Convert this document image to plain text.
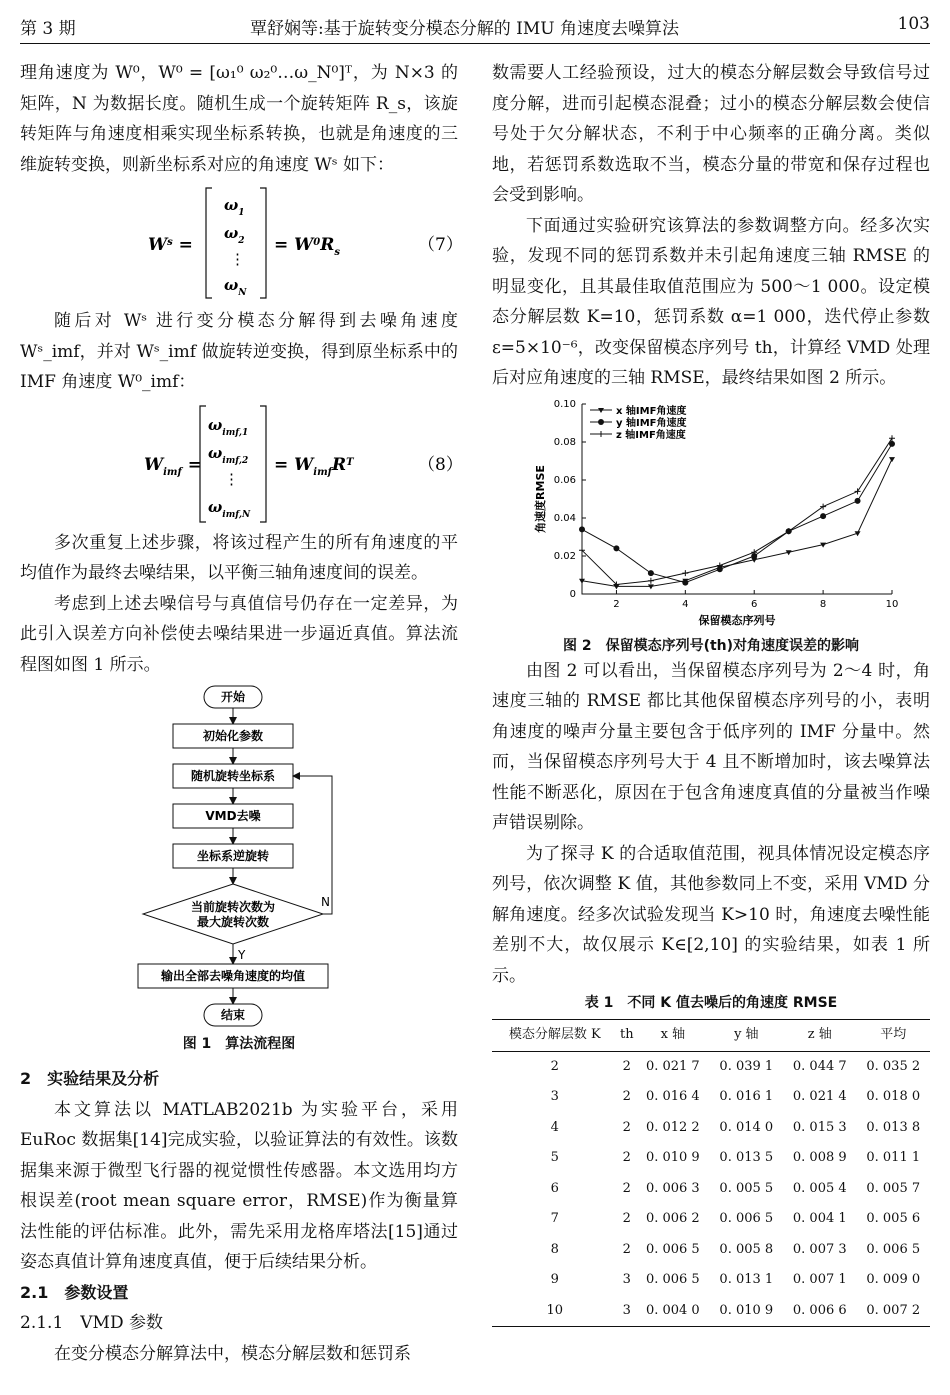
第 3 期	覃舒娴等:基于旋转变分模态分解的 IMU 角速度去噪算法	103

理角速度为 W⁰，W⁰ = [ω₁⁰ ω₂⁰…ω_N⁰]ᵀ，为 N×3 的矩阵，N 为数据长度。随机生成一个旋转矩阵 R_s，该旋转矩阵与角速度相乘实现坐标系转换，也就是角速度的三维旋转变换，则新坐标系对应的角速度 Wˢ 如下：

$W^s$ =
$\omega_1$
$\omega_2$
⋮
$\omega_N$
= $W^0R_s$	（7）

随后对 Wˢ 进行变分模态分解得到去噪角速度 Wˢ_imf，并对 Wˢ_imf 做旋转逆变换，得到原坐标系中的 IMF 角速度 W⁰_imf：

$W_{imf}$ =
$\omega_{imf,1}$
$\omega_{imf,2}$
⋮
$\omega_{imf,N}$
= $W_{imf}R^T$	（8）

多次重复上述步骤，将该过程产生的所有角速度的平均值作为最终去噪结果，以平衡三轴角速度间的误差。

考虑到上述去噪信号与真值信号仍存在一定差异，为此引入误差方向补偿使去噪结果进一步逼近真值。算法流程图如图 1 所示。

开始
初始化参数
随机旋转坐标系
VMD去噪
坐标系逆旋转
当前旋转次数为
最大旋转次数
N
Y
输出全部去噪角速度的均值
结束
图 1　算法流程图
2　实验结果及分析

本文算法以 MATLAB2021b 为实验平台，采用 EuRoc 数据集[14]完成实验，以验证算法的有效性。该数据集来源于微型飞行器的视觉惯性传感器。本文选用均方根误差(root mean square error，RMSE)作为衡量算法性能的评估标准。此外，需先采用龙格库塔法[15]通过姿态真值计算角速度真值，便于后续结果分析。

2.1　参数设置
2.1.1　VMD 参数

在变分模态分解算法中，模态分解层数和惩罚系

数需要人工经验预设，过大的模态分解层数会导致信号过度分解，进而引起模态混叠；过小的模态分解层数会使信号处于欠分解状态，不利于中心频率的正确分离。类似地，若惩罚系数选取不当，模态分量的带宽和保存过程也会受到影响。

下面通过实验研究该算法的参数调整方向。经多次实验，发现不同的惩罚系数并未引起角速度三轴 RMSE 的明显变化，且其最佳取值范围应为 500～1 000。设定模态分解层数 K=10，惩罚系数 α=1 000，迭代停止参数 ε=5×10⁻⁶，改变保留模态序列号 th，计算经 VMD 处理后对应角速度的三轴 RMSE，最终结果如图 2 所示。

0
0.02
0.04
0.06
0.08
0.10
2	4	6	8	10
保留模态序列号
角速度RMSE
x 轴IMF角速度
y 轴IMF角速度
z 轴IMF角速度
图 2　保留模态序列号(th)对角速度误差的影响

由图 2 可以看出，当保留模态序列号为 2～4 时，角速度三轴的 RMSE 都比其他保留模态序列号的小，表明角速度的噪声分量主要包含于低序列的 IMF 分量中。然而，当保留模态序列号大于 4 且不断增加时，该去噪算法性能不断恶化，原因在于包含角速度真值的分量被当作噪声错误剔除。

为了探寻 K 的合适取值范围，视具体情况设定模态序列号，依次调整 K 值，其他参数同上不变，采用 VMD 分解角速度。经多次试验发现当 K>10 时，角速度去噪性能差别不大，故仅展示 K∈[2,10] 的实验结果，如表 1 所示。

表 1　不同 K 值去噪后的角速度 RMSE
模态分解层数 K	th	x 轴	y 轴	z 轴	平均
2	2	0. 021 7	0. 039 1	0. 044 7	0. 035 2
3	2	0. 016 4	0. 016 1	0. 021 4	0. 018 0
4	2	0. 012 2	0. 014 0	0. 015 3	0. 013 8
5	2	0. 010 9	0. 013 5	0. 008 9	0. 011 1
6	2	0. 006 3	0. 005 5	0. 005 4	0. 005 7
7	2	0. 006 2	0. 006 5	0. 004 1	0. 005 6
8	2	0. 006 5	0. 005 8	0. 007 3	0. 006 5
9	3	0. 006 5	0. 013 1	0. 007 1	0. 009 0
10	3	0. 004 0	0. 010 9	0. 006 6	0. 007 2
